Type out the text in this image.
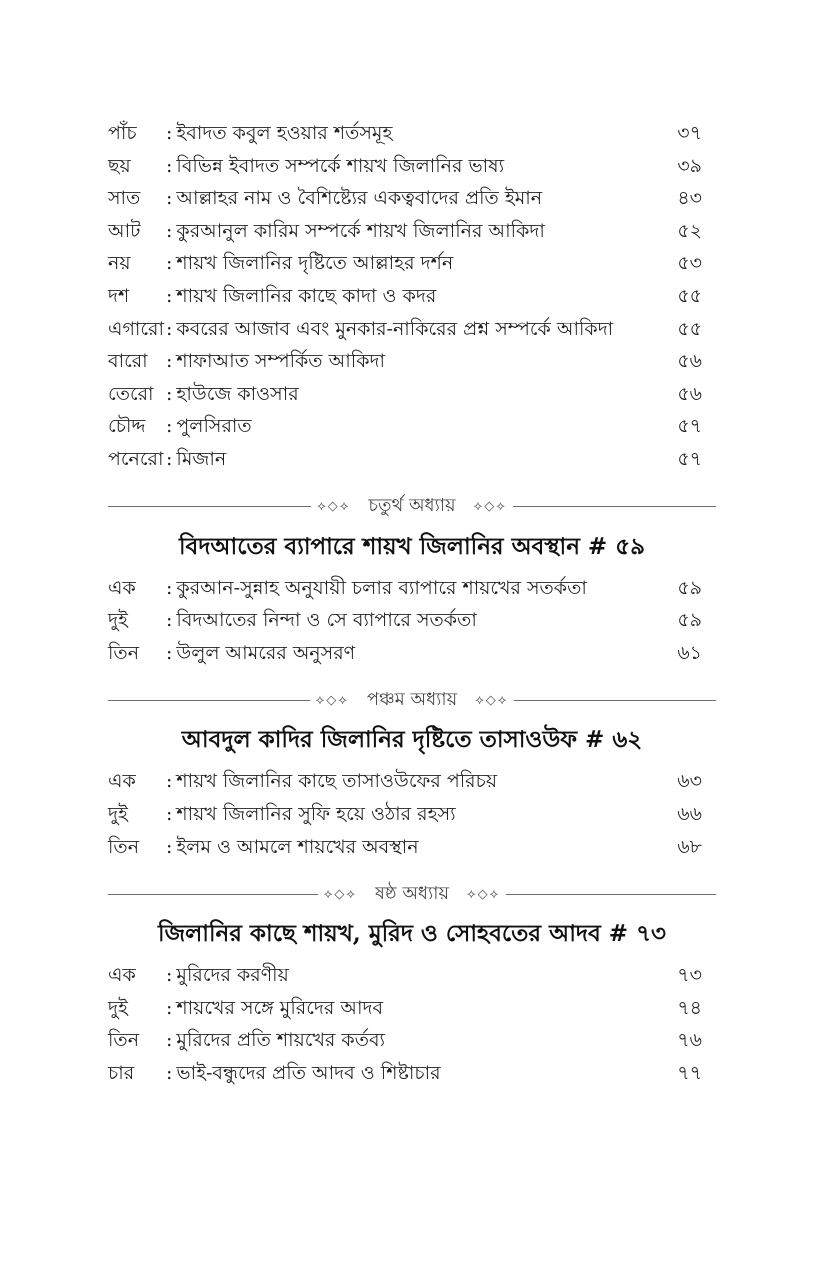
পাঁচ	: ইবাদত কবুল হওয়ার শর্তসমূহ	৩৭
ছয়	: বিভিন্ন ইবাদত সম্পর্কে শায়খ জিলানির ভাষ্য	৩৯
সাত	: আল্লাহর নাম ও বৈশিষ্ট্যের একত্ববাদের প্রতি ইমান	৪৩
আট	: কুরআনুল কারিম সম্পর্কে শায়খ জিলানির আকিদা	৫২
নয়	: শায়খ জিলানির দৃষ্টিতে আল্লাহর দর্শন	৫৩
দশ	: শায়খ জিলানির কাছে কাদা ও কদর	৫৫
এগারো : কবরের আজাব এবং মুনকার-নাকিরের প্রশ্ন সম্পর্কে আকিদা	৫৫
বারো : শাফাআত সম্পর্কিত আকিদা	৫৬
তেরো : হাউজে কাওসার	৫৬
চৌদ্দ	: পুলসিরাত	৫৭
পনেরো : মিজান	৫৭
⟡◇⟡	চতুর্থ অধ্যায়	⟡◇⟡
বিদআতের ব্যাপারে শায়খ জিলানির অবস্থান # ৫৯
এক	: কুরআন-সুন্নাহ অনুযায়ী চলার ব্যাপারে শায়খের সতর্কতা	৫৯
দুই	: বিদআতের নিন্দা ও সে ব্যাপারে সতর্কতা	৫৯
তিন	: উলুল আমরের অনুসরণ	৬১
⟡◇⟡	পঞ্চম অধ্যায়	⟡◇⟡
আবদুল কাদির জিলানির দৃষ্টিতে তাসাওউফ # ৬২
এক	: শায়খ জিলানির কাছে তাসাওউফের পরিচয়	৬৩
দুই	: শায়খ জিলানির সুফি হয়ে ওঠার রহস্য	৬৬
তিন	: ইলম ও আমলে শায়খের অবস্থান	৬৮
⟡◇⟡	ষষ্ঠ অধ্যায়	⟡◇⟡
জিলানির কাছে শায়খ, মুরিদ ও সোহবতের আদব # ৭৩
এক	: মুরিদের করণীয়	৭৩
দুই	: শায়খের সঙ্গে মুরিদের আদব	৭৪
তিন	: মুরিদের প্রতি শায়খের কর্তব্য	৭৬
চার	: ভাই-বন্ধুদের প্রতি আদব ও শিষ্টাচার	৭৭
